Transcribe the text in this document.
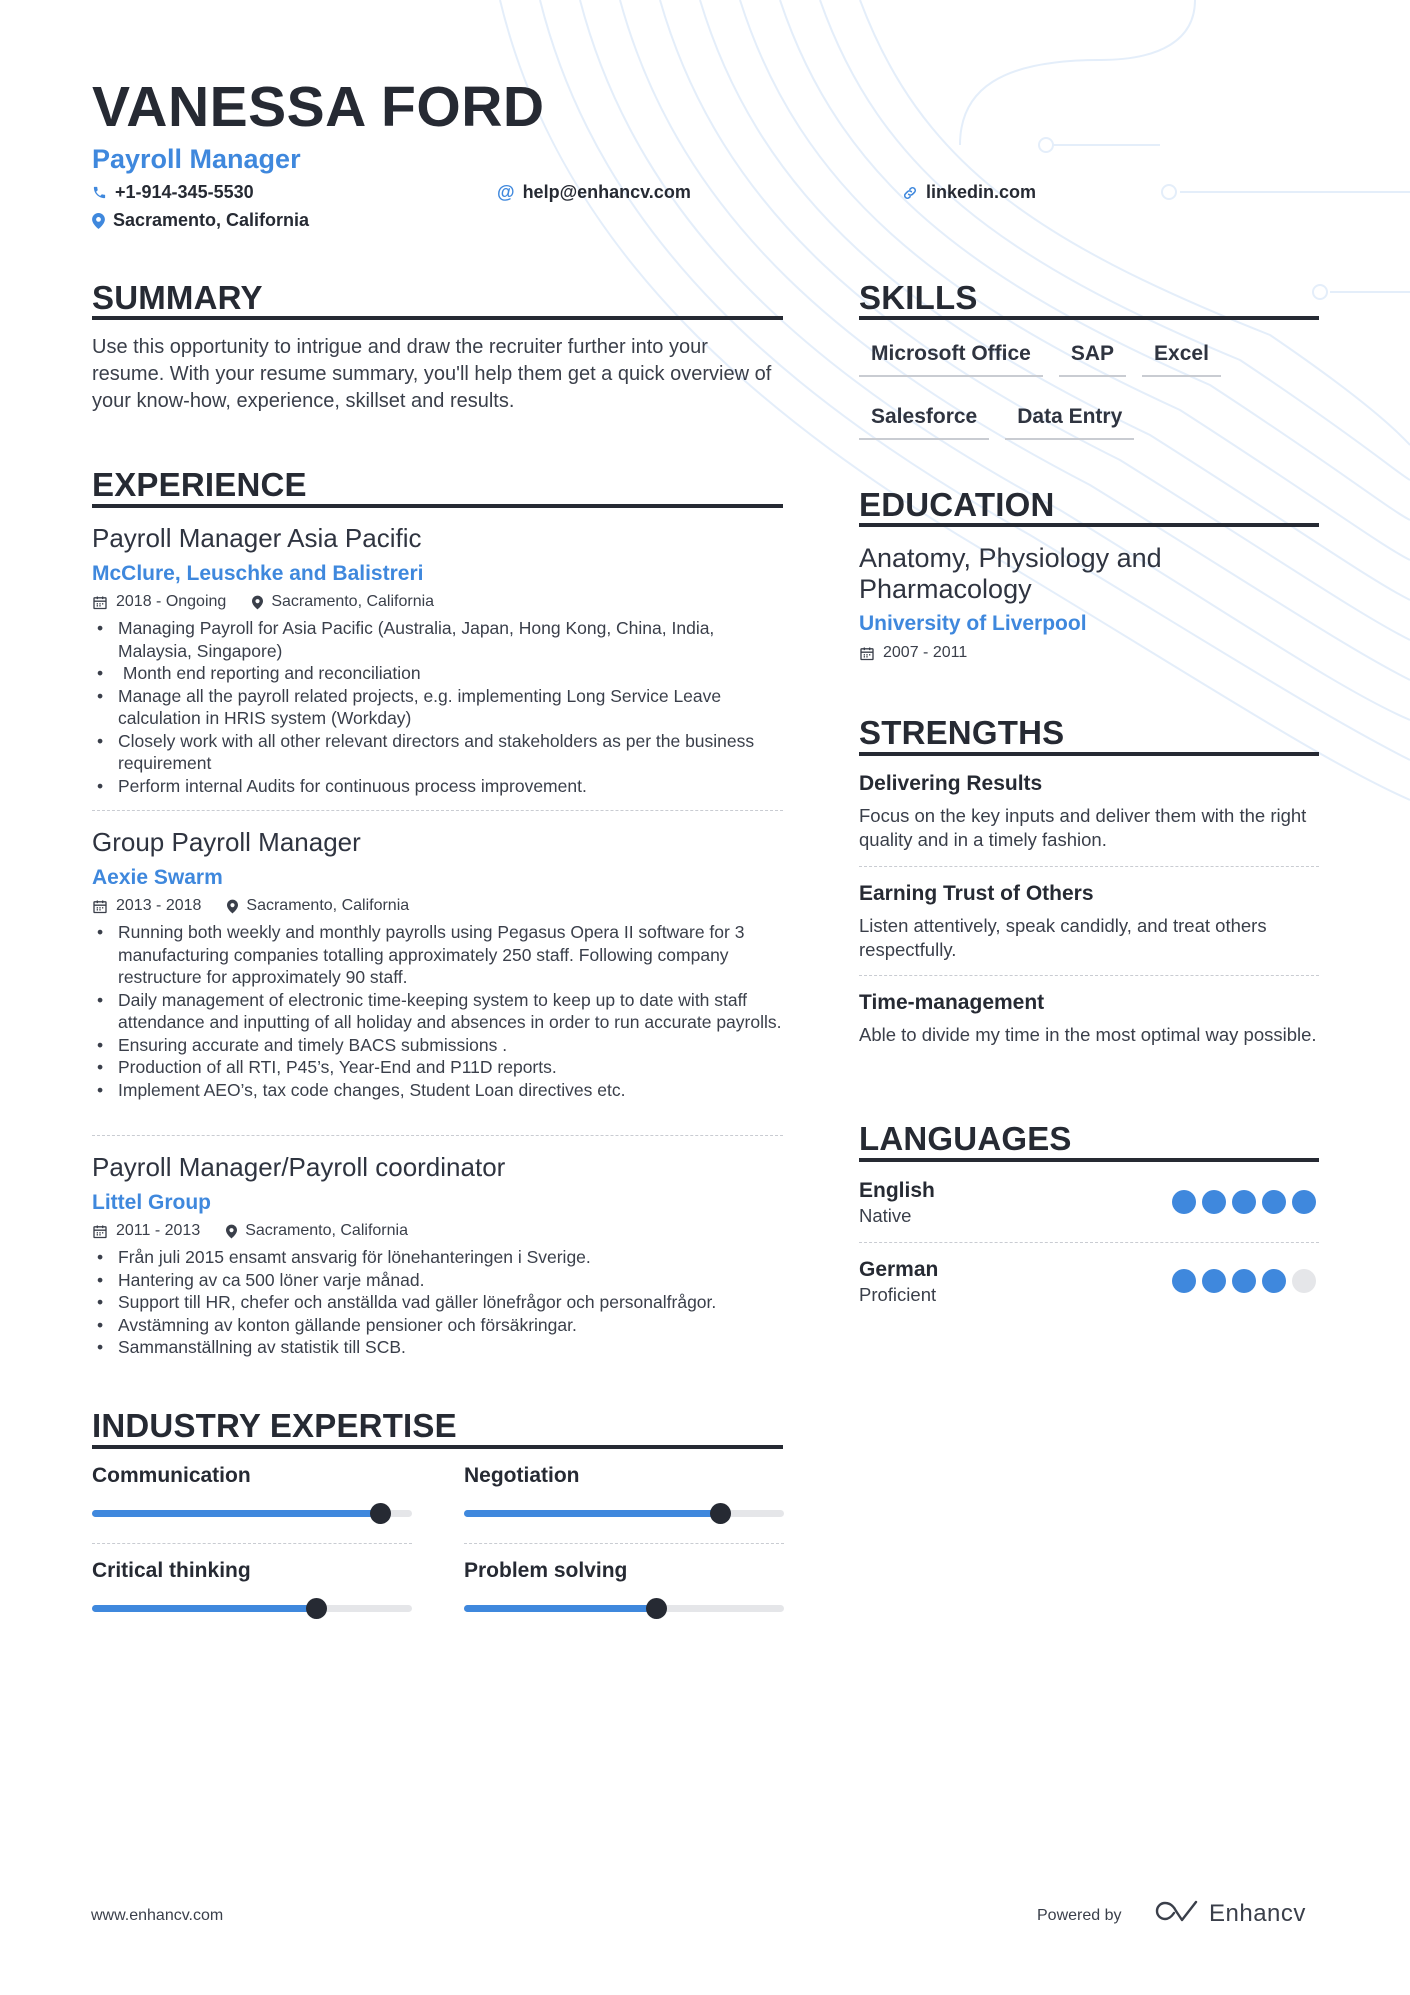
VANESSA FORD
Payroll Manager
+1-914-345-5530	@ help@enhancv.com	linkedin.com
Sacramento, California
SUMMARY
Use this opportunity to intrigue and draw the recruiter further into your resume. With your resume summary, you'll help them get a quick overview of your know-how, experience, skillset and results.
EXPERIENCE
Payroll Manager Asia Pacific
McClure, Leuschke and Balistreri
2018 - Ongoing	Sacramento, California
• Managing Payroll for Asia Pacific (Australia, Japan, Hong Kong, China, India, Malaysia, Singapore)
•  Month end reporting and reconciliation
• Manage all the payroll related projects, e.g. implementing Long Service Leave calculation in HRIS system (Workday)
• Closely work with all other relevant directors and stakeholders as per the business requirement
• Perform internal Audits for continuous process improvement.
Group Payroll Manager
Aexie Swarm
2013 - 2018	Sacramento, California
• Running both weekly and monthly payrolls using Pegasus Opera II software for 3 manufacturing companies totalling approximately 250 staff. Following company restructure for approximately 90 staff.
• Daily management of electronic time-keeping system to keep up to date with staff attendance and inputting of all holiday and absences in order to run accurate payrolls.
• Ensuring accurate and timely BACS submissions .
• Production of all RTI, P45’s, Year-End and P11D reports.
• Implement AEO’s, tax code changes, Student Loan directives etc.
Payroll Manager/Payroll coordinator
Littel Group
2011 - 2013	Sacramento, California
• Från juli 2015 ensamt ansvarig för lönehanteringen i Sverige.
• Hantering av ca 500 löner varje månad.
• Support till HR, chefer och anställda vad gäller lönefrågor och personalfrågor.
• Avstämning av konton gällande pensioner och försäkringar.
• Sammanställning av statistik till SCB.
INDUSTRY EXPERTISE
Communication	Negotiation
Critical thinking	Problem solving
SKILLS
Microsoft Office	SAP	Excel
Salesforce	Data Entry
EDUCATION
Anatomy, Physiology and Pharmacology
University of Liverpool
2007 - 2011
STRENGTHS
Delivering Results
Focus on the key inputs and deliver them with the right quality and in a timely fashion.
Earning Trust of Others
Listen attentively, speak candidly, and treat others respectfully.
Time-management
Able to divide my time in the most optimal way possible.
LANGUAGES
English
Native
German
Proficient
www.enhancv.com	Powered by	Enhancv
